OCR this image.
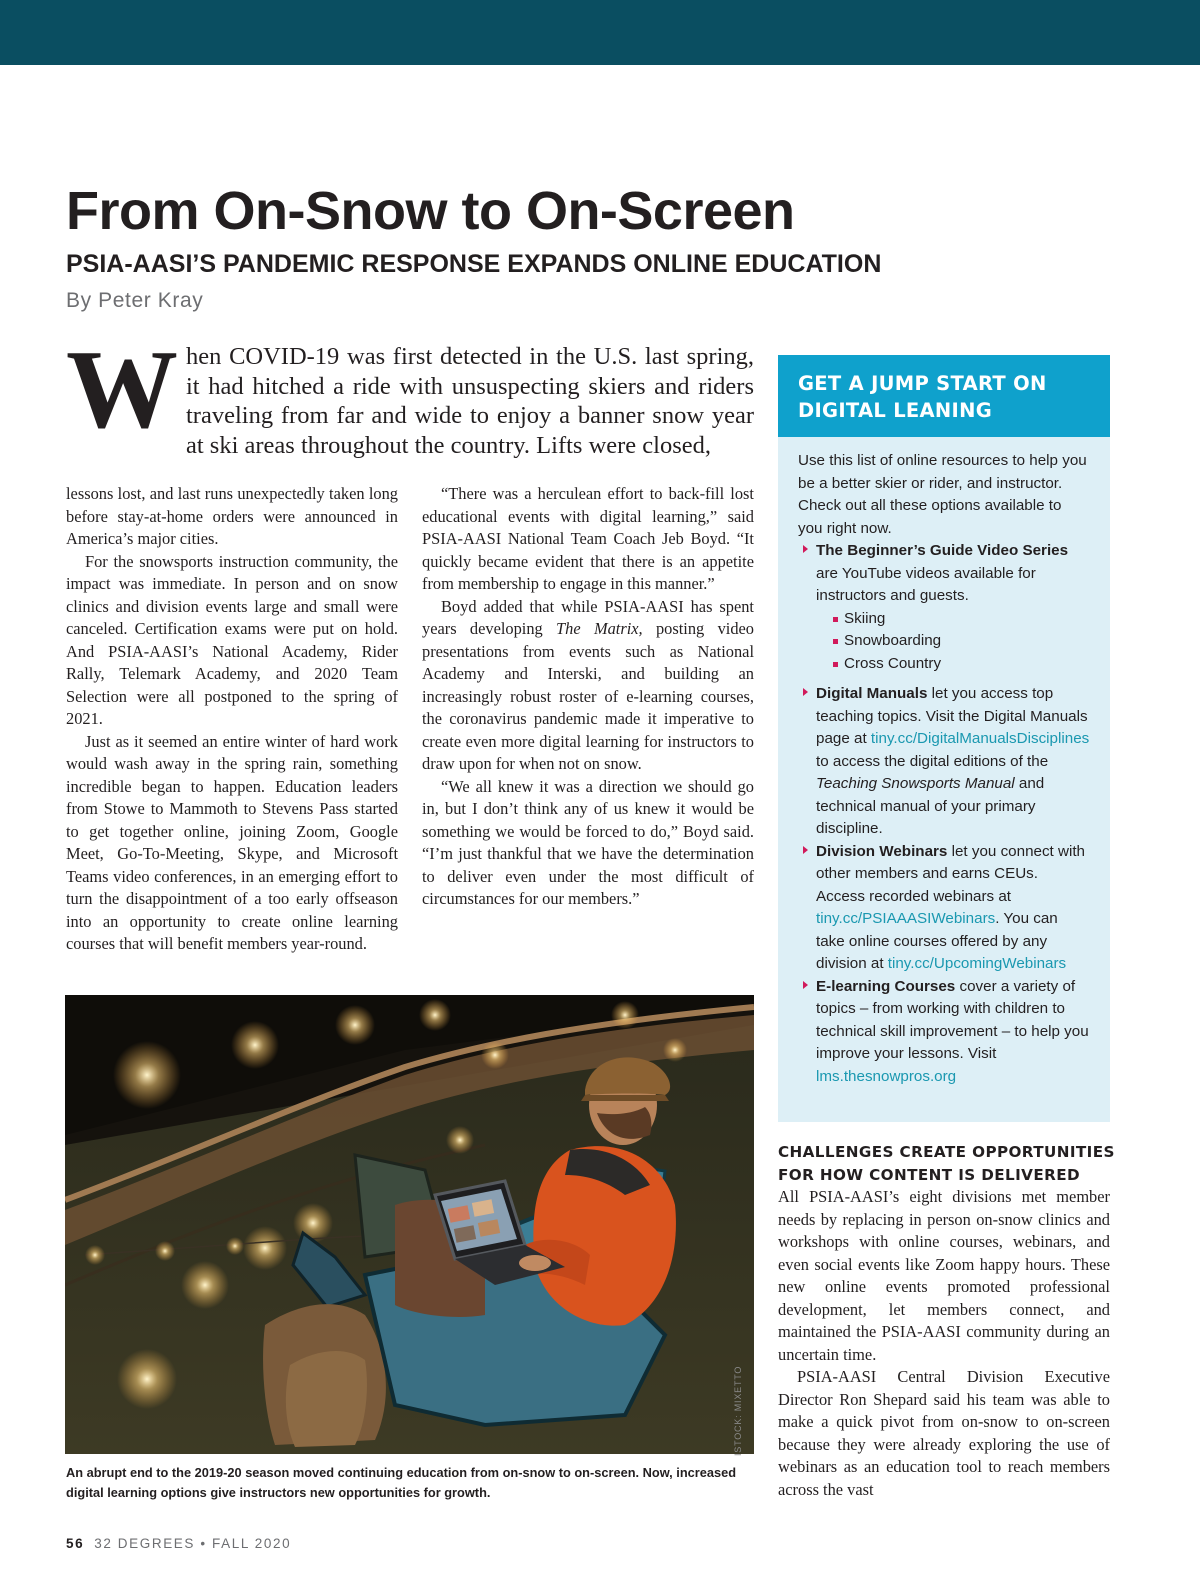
From On-Snow to On-Screen
PSIA-AASI’S PANDEMIC RESPONSE EXPANDS ONLINE EDUCATION

By Peter Kray

When COVID-19 was first detected in the U.S. last spring, it had hitched a ride with unsuspecting skiers and riders traveling from far and wide to enjoy a banner snow year at ski areas throughout the country. Lifts were closed,

lessons lost, and last runs unexpectedly taken long before stay-at-home orders were announced in America’s major cities.

For the snowsports instruction community, the impact was immediate. In person and on snow clinics and division events large and small were canceled. Certification exams were put on hold. And PSIA-AASI’s National Academy, Rider Rally, Telemark Academy, and 2020 Team Selection were all postponed to the spring of 2021.

Just as it seemed an entire winter of hard work would wash away in the spring rain, something incredible began to happen. Education leaders from Stowe to Mammoth to Stevens Pass started to get together online, joining Zoom, Google Meet, Go-To-Meeting, Skype, and Microsoft Teams video conferences, in an emerging effort to turn the disappointment of a too early offseason into an opportunity to create online learning courses that will benefit members year-round.

“There was a herculean effort to back-fill lost educational events with digital learning,” said PSIA-AASI National Team Coach Jeb Boyd. “It quickly became evident that there is an appetite from membership to engage in this manner.”

Boyd added that while PSIA-AASI has spent years developing The Matrix, posting video presentations from events such as National Academy and Interski, and building an increasingly robust roster of e-learning courses, the coronavirus pandemic made it imperative to create even more digital learning for instructors to draw upon for when not on snow.

“We all knew it was a direction we should go in, but I don’t think any of us knew it would be something we would be forced to do,” Boyd said. “I’m just thankful that we have the determination to deliver even under the most difficult of circumstances for our members.”

ISTOCK: MIXETTO

An abrupt end to the 2019-20 season moved continuing education from on-snow to on-screen. Now, increased digital learning options give instructors new opportunities for growth.

GET A JUMP START ON

DIGITAL LEANING

Use this list of online resources to help you be a better skier or rider, and instructor. Check out all these options available to you right now.

The Beginner’s Guide Video Series are YouTube videos available for instructors and guests.
Skiing
Snowboarding
Cross Country
Digital Manuals let you access top teaching topics. Visit the Digital Manuals page at tiny.cc/DigitalManualsDisciplines to access the digital editions of the Teaching Snowsports Manual and technical manual of your primary discipline.
Division Webinars let you connect with other members and earns CEUs. Access recorded webinars at tiny.cc/PSIAAASIWebinars. You can take online courses offered by any division at tiny.cc/UpcomingWebinars
E-learning Courses cover a variety of topics – from working with children to technical skill improvement – to help you improve your lessons. Visit lms.thesnowpros.org
CHALLENGES CREATE OPPORTUNITIES FOR HOW CONTENT IS DELIVERED

All PSIA-AASI’s eight divisions met member needs by replacing in person on-snow clinics and workshops with online courses, webinars, and even social events like Zoom happy hours. These new online events promoted professional development, let members connect, and maintained the PSIA-AASI community during an uncertain time.

PSIA-AASI Central Division Executive Director Ron Shepard said his team was able to make a quick pivot from on-snow to on-screen because they were already exploring the use of webinars as an education tool to reach members across the vast

56 32 DEGREES • FALL 2020
